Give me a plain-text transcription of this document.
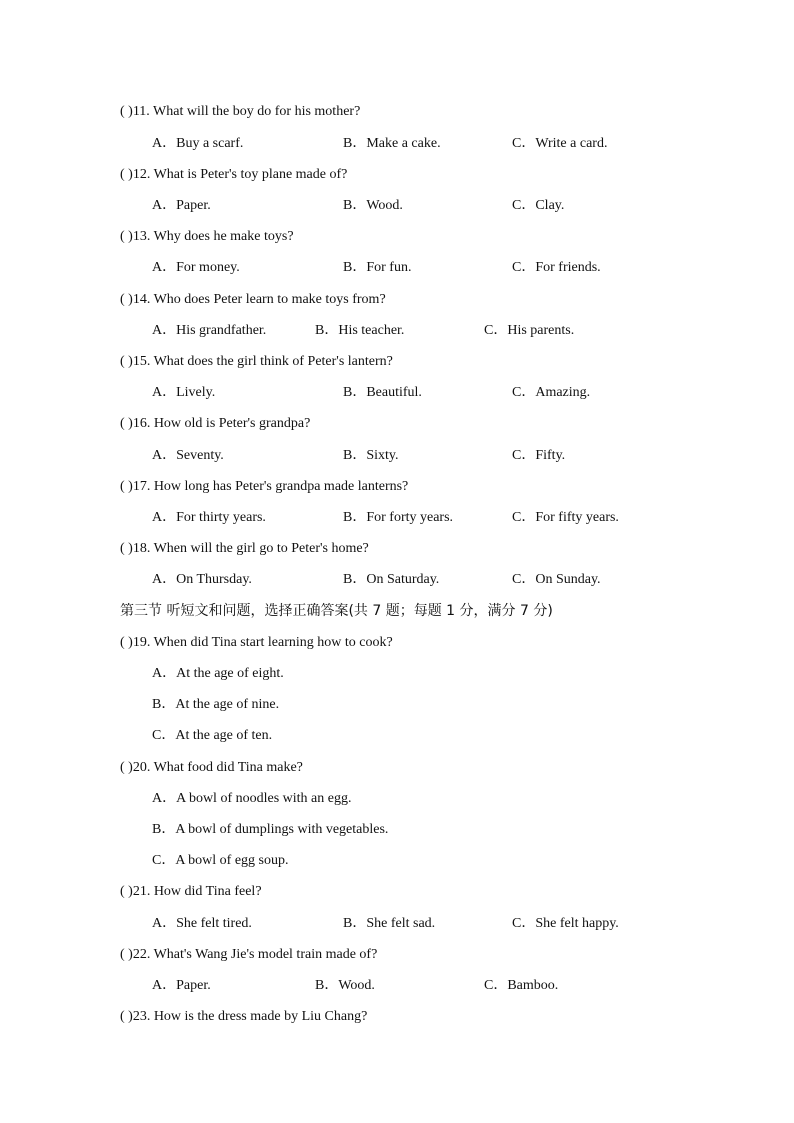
( )11. What will the boy do for his mother?
A．Buy a scarf.	B．Make a cake.	C．Write a card.
( )12. What is Peter's toy plane made of?
A．Paper.	B．Wood.	C．Clay.
( )13. Why does he make toys?
A．For money.	B．For fun.	C．For friends.
( )14. Who does Peter learn to make toys from?
A．His grandfather.	B．His teacher.	C．His parents.
( )15. What does the girl think of Peter's lantern?
A．Lively.	B．Beautiful.	C．Amazing.
( )16. How old is Peter's grandpa?
A．Seventy.	B．Sixty.	C．Fifty.
( )17. How long has Peter's grandpa made lanterns?
A．For thirty years.	B．For forty years.	C．For fifty years.
( )18. When will the girl go to Peter's home?
A．On Thursday.	B．On Saturday.	C．On Sunday.
第三节 听短文和问题，选择正确答案(共 7 题；每题 1 分，满分 7 分)
( )19. When did Tina start learning how to cook?
A．At the age of eight.
B．At the age of nine.
C．At the age of ten.
( )20. What food did Tina make?
A．A bowl of noodles with an egg.
B．A bowl of dumplings with vegetables.
C．A bowl of egg soup.
( )21. How did Tina feel?
A．She felt tired.	B．She felt sad.	C．She felt happy.
( )22. What's Wang Jie's model train made of?
A．Paper.	B．Wood.	C．Bamboo.
( )23. How is the dress made by Liu Chang?
